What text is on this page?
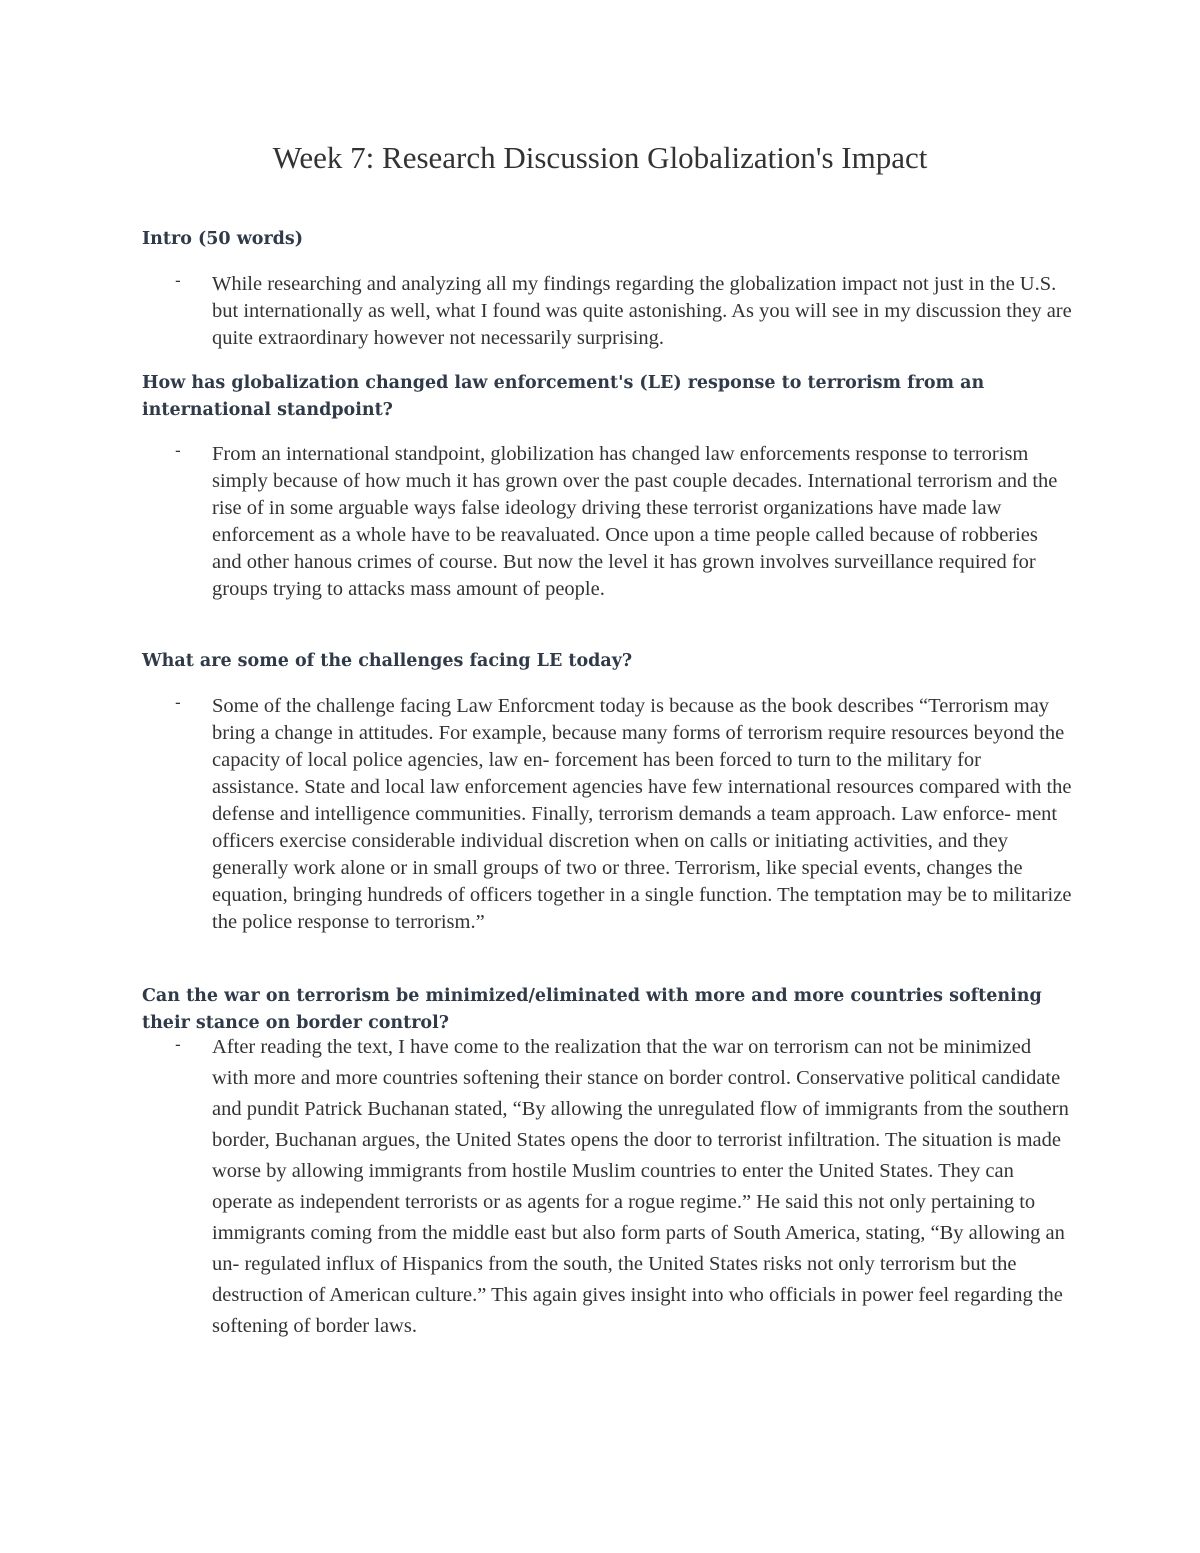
Week 7: Research Discussion Globalization's Impact
Intro (50 words)
- While researching and analyzing all my findings regarding the globalization impact not just in the U.S. but internationally as well, what I found was quite astonishing. As you will see in my discussion they are quite extraordinary however not necessarily surprising.
How has globalization changed law enforcement's (LE) response to terrorism from an international standpoint?
- From an international standpoint, globilization has changed law enforcements response to terrorism simply because of how much it has grown over the past couple decades. International terrorism and the rise of in some arguable ways false ideology driving these terrorist organizations have made law enforcement as a whole have to be reavaluated. Once upon a time people called because of robberies and other hanous crimes of course. But now the level it has grown involves surveillance required for groups trying to attacks mass amount of people.
What are some of the challenges facing LE today?
- Some of the challenge facing Law Enforcment today is because as the book describes “Terrorism may bring a change in attitudes. For example, because many forms of terrorism require resources beyond the capacity of local police agencies, law en- forcement has been forced to turn to the military for assistance. State and local law enforcement agencies have few international resources compared with the defense and intelligence communities. Finally, terrorism demands a team approach. Law enforce- ment officers exercise considerable individual discretion when on calls or initiating activities, and they generally work alone or in small groups of two or three. Terrorism, like special events, changes the equation, bringing hundreds of officers together in a single function. The temptation may be to militarize the police response to terrorism.”
Can the war on terrorism be minimized/eliminated with more and more countries softening their stance on border control?
- After reading the text, I have come to the realization that the war on terrorism can not be minimized with more and more countries softening their stance on border control. Conservative political candidate and pundit Patrick Buchanan stated, “By allowing the unregulated flow of immigrants from the southern border, Buchanan argues, the United States opens the door to terrorist infiltration. The situation is made worse by allowing immigrants from hostile Muslim countries to enter the United States. They can operate as independent terrorists or as agents for a rogue regime.” He said this not only pertaining to immigrants coming from the middle east but also form parts of South America, stating, “By allowing an un- regulated influx of Hispanics from the south, the United States risks not only terrorism but the destruction of American culture.” This again gives insight into who officials in power feel regarding the softening of border laws.
